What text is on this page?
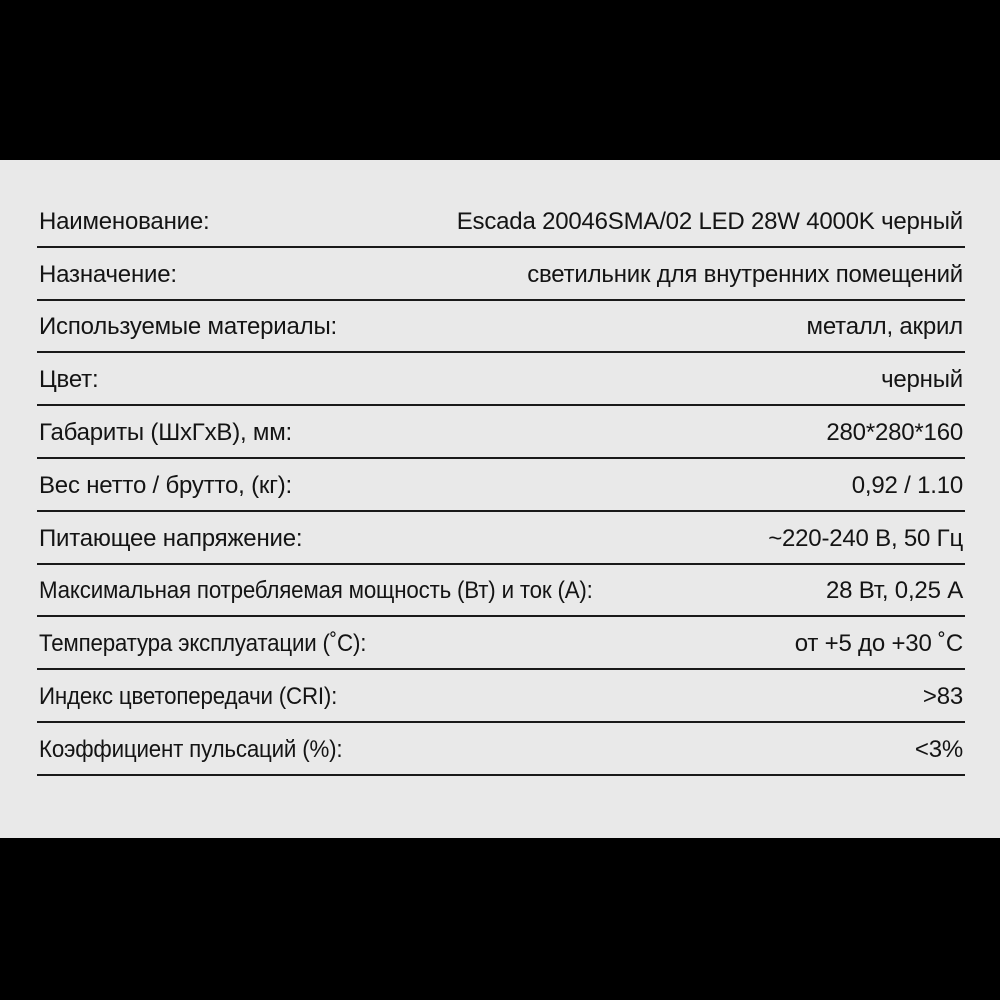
Наименование:	Escada 20046SMA/02 LED 28W 4000K черный
Назначение:	светильник для внутренних помещений
Используемые материалы:	металл, акрил
Цвет:	черный
Габариты (ШxГxВ), мм:	280*280*160
Вес нетто / брутто, (кг):	0,92 / 1.10
Питающее напряжение:	~220-240 В, 50 Гц
Максимальная потребляемая мощность (Вт) и ток (А):	28 Вт, 0,25 А
Температура эксплуатации (˚С):	от +5 до +30 ˚С
Индекс цветопередачи (CRI):	>83
Коэффициент пульсаций (%):	<3%
